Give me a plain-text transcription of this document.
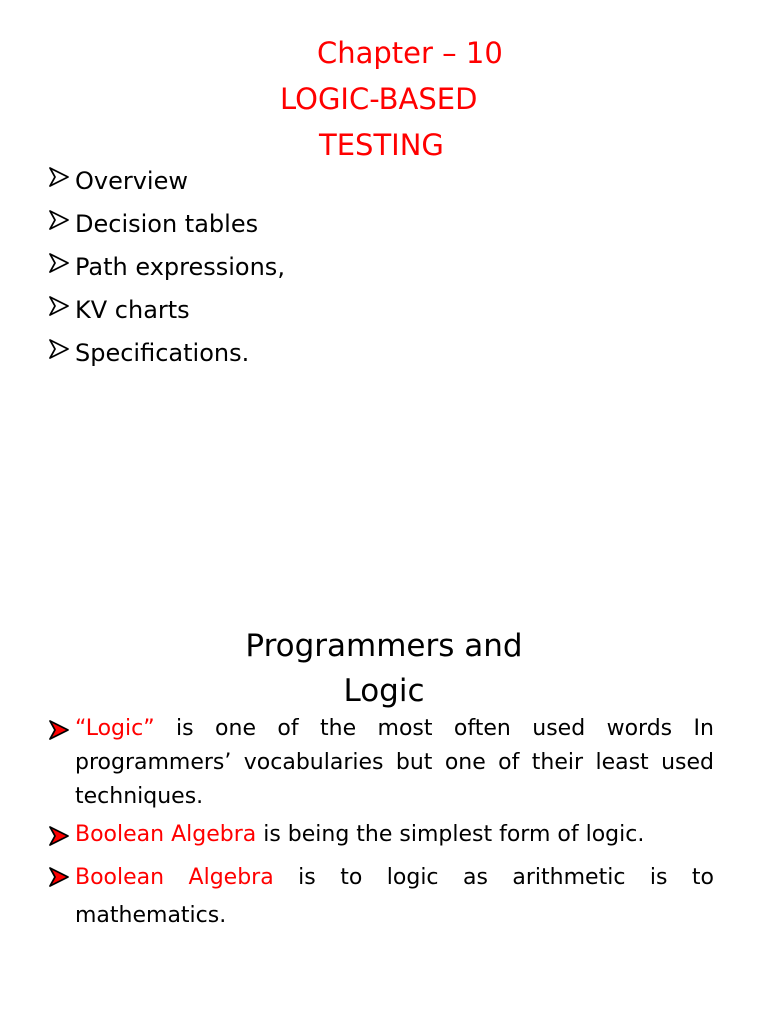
Chapter – 10
LOGIC-BASED
TESTING
Overview
Decision tables
Path expressions,
KV charts
Specifications.
Programmers and Logic
“Logic” is one of the most often used words In programmers’ vocabularies but one of their least used techniques.
Boolean Algebra is being the simplest form of logic.
Boolean Algebra is to logic as arithmetic is to mathematics.
